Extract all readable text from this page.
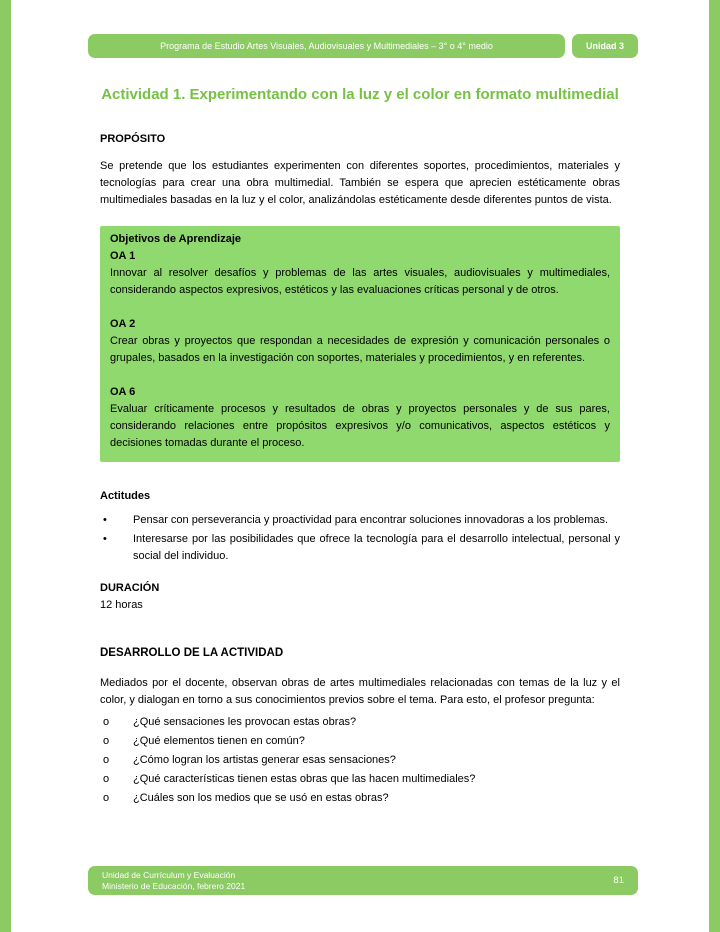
Programa de Estudio Artes Visuales, Audiovisuales y Multimediales – 3° o 4° medio	Unidad 3
Actividad 1. Experimentando con la luz y el color en formato multimedial
PROPÓSITO

Se pretende que los estudiantes experimenten con diferentes soportes, procedimientos, materiales y tecnologías para crear una obra multimedial. También se espera que aprecien estéticamente obras multimediales basadas en la luz y el color, analizándolas estéticamente desde diferentes puntos de vista.

Objetivos de Aprendizaje
OA 1

Innovar al resolver desafíos y problemas de las artes visuales, audiovisuales y multimediales, considerando aspectos expresivos, estéticos y las evaluaciones críticas personal y de otros.

OA 2

Crear obras y proyectos que respondan a necesidades de expresión y comunicación personales o grupales, basados en la investigación con soportes, materiales y procedimientos, y en referentes.

OA 6

Evaluar críticamente procesos y resultados de obras y proyectos personales y de sus pares, considerando relaciones entre propósitos expresivos y/o comunicativos, aspectos estéticos y decisiones tomadas durante el proceso.

Actitudes
• Pensar con perseverancia y proactividad para encontrar soluciones innovadoras a los problemas.
• Interesarse por las posibilidades que ofrece la tecnología para el desarrollo intelectual, personal y social del individuo.
DURACIÓN

12 horas

DESARROLLO DE LA ACTIVIDAD

Mediados por el docente, observan obras de artes multimediales relacionadas con temas de la luz y el color, y dialogan en torno a sus conocimientos previos sobre el tema. Para esto, el profesor pregunta:

o ¿Qué sensaciones les provocan estas obras?
o ¿Qué elementos tienen en común?
o ¿Cómo logran los artistas generar esas sensaciones?
o ¿Qué características tienen estas obras que las hacen multimediales?
o ¿Cuáles son los medios que se usó en estas obras?
Unidad de Currículum y Evaluación
Ministerio de Educación, febrero 2021	81
